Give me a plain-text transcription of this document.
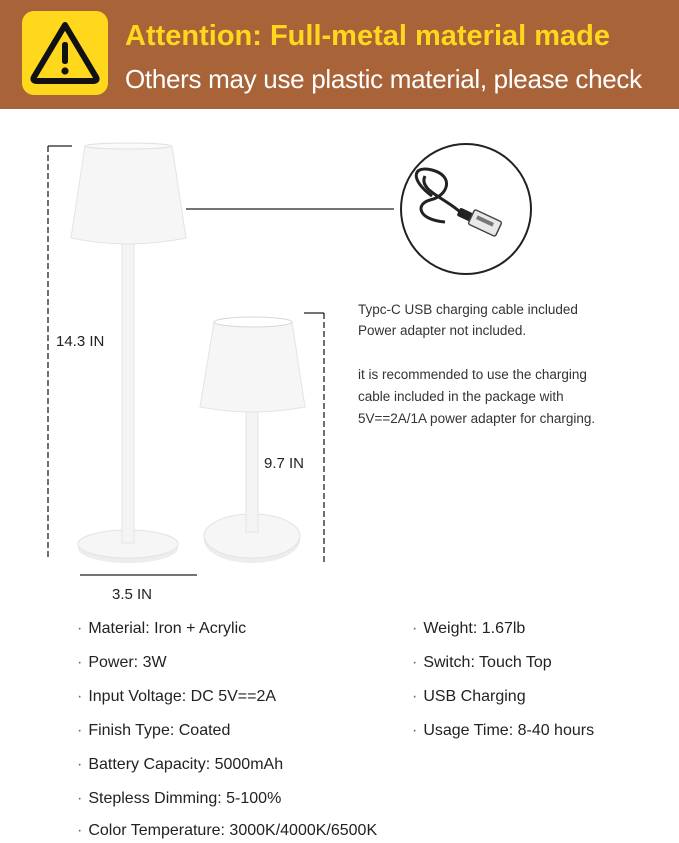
Attention: Full-metal material made
Others may use plastic material, please check
14.3 IN
9.7 IN
3.5 IN
Typc-C USB charging cable included
Power adapter not included.
it is recommended to use the charging
cable included in the package with
5V==2A/1A power adapter for charging.
· Material: Iron + Acrylic
· Power: 3W
· Input Voltage: DC 5V==2A
· Finish Type: Coated
· Battery Capacity: 5000mAh
· Stepless Dimming: 5-100%
· Color Temperature: 3000K/4000K/6500K
· Weight: 1.67lb
· Switch: Touch Top
· USB Charging
· Usage Time: 8-40 hours
